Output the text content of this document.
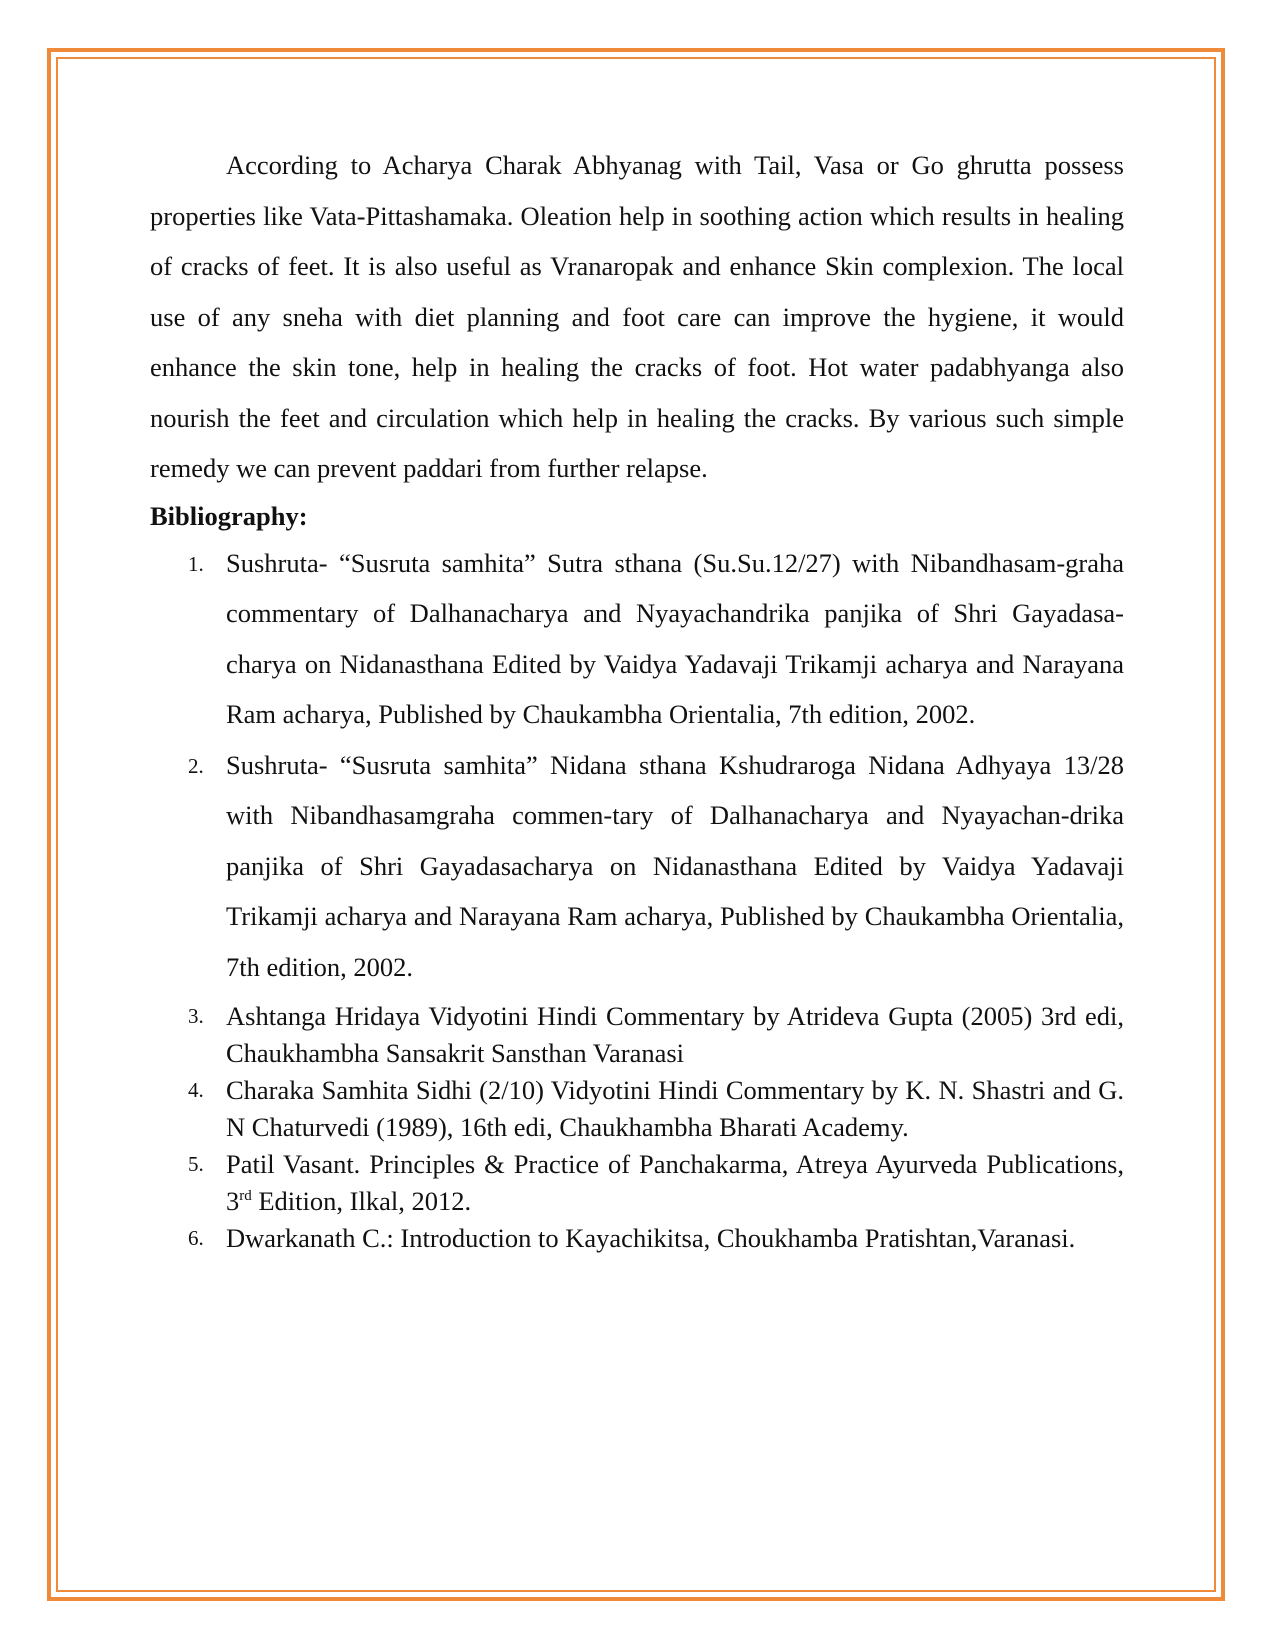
According to Acharya Charak Abhyanag with Tail, Vasa or Go ghrutta possess properties like Vata-Pittashamaka. Oleation help in soothing action which results in healing of cracks of feet. It is also useful as Vranaropak and enhance Skin complexion. The local use of any sneha with diet planning and foot care can improve the hygiene, it would enhance the skin tone, help in healing the cracks of foot. Hot water padabhyanga also nourish the feet and circulation which help in healing the cracks. By various such simple remedy we can prevent paddari from further relapse.

Bibliography:

1. Sushruta- “Susruta samhita” Sutra sthana (Su.Su.12/27) with Nibandhasam-graha commentary of Dalhanacharya and Nyayachandrika panjika of Shri Gayadasa-charya on Nidanasthana Edited by Vaidya Yadavaji Trikamji acharya and Narayana Ram acharya, Published by Chaukambha Orientalia, 7th edition, 2002.
2. Sushruta- “Susruta samhita” Nidana sthana Kshudraroga Nidana Adhyaya 13/28 with Nibandhasamgraha commen-tary of Dalhanacharya and Nyayachan-drika panjika of Shri Gayadasacharya on Nidanasthana Edited by Vaidya Yadavaji Trikamji acharya and Narayana Ram acharya, Published by Chaukambha Orientalia, 7th edition, 2002.
3. Ashtanga Hridaya Vidyotini Hindi Commentary by Atrideva Gupta (2005) 3rd edi, Chaukhambha Sansakrit Sansthan Varanasi
4. Charaka Samhita Sidhi (2/10) Vidyotini Hindi Commentary by K. N. Shastri and G. N Chaturvedi (1989), 16th edi, Chaukhambha Bharati Academy.
5. Patil Vasant. Principles & Practice of Panchakarma, Atreya Ayurveda Publications, 3rd Edition, Ilkal, 2012.
6. Dwarkanath C.: Introduction to Kayachikitsa, Choukhamba Pratishtan,Varanasi.
